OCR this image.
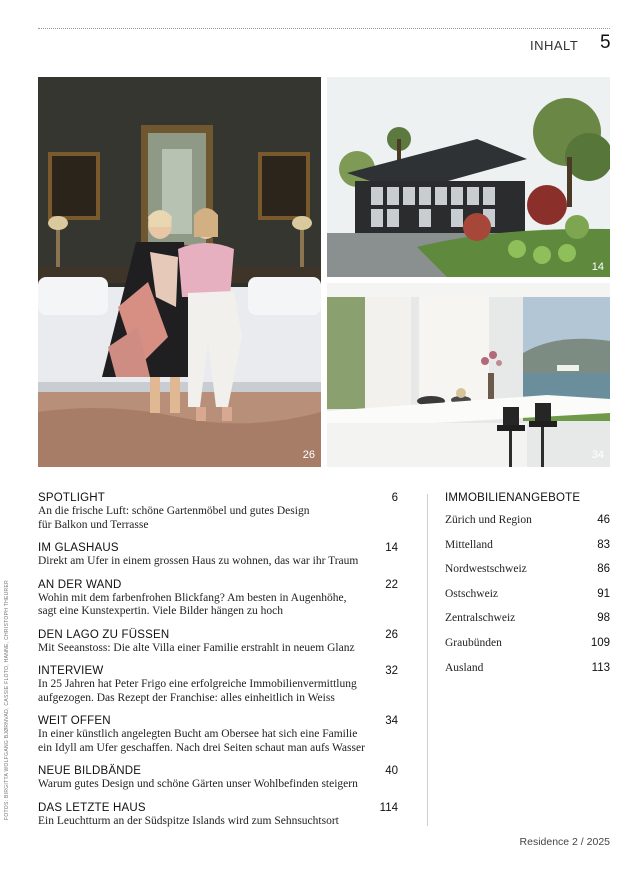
INHALT 5
26
14
34
FOTOS: BIRGITTA WOLFGANG BJØRNVAD, CASSIE FLOTO, HANNE, CHRISTOPH THEURER
SPOTLIGHT	6
An die frische Luft: schöne Gartenmöbel und gutes Design für Balkon und Terrasse
IM GLASHAUS	14
Direkt am Ufer in einem grossen Haus zu wohnen, das war ihr Traum
AN DER WAND	22
Wohin mit dem farbenfrohen Blickfang? Am besten in Augenhöhe, sagt eine Kunstexpertin. Viele Bilder hängen zu hoch
DEN LAGO ZU FÜSSEN	26
Mit Seeanstoss: Die alte Villa einer Familie erstrahlt in neuem Glanz
INTERVIEW	32
In 25 Jahren hat Peter Frigo eine erfolgreiche Immobilienvermittlung aufgezogen. Das Rezept der Franchise: alles einheitlich in Weiss
WEIT OFFEN	34
In einer künstlich angelegten Bucht am Obersee hat sich eine Familie ein Idyll am Ufer geschaffen. Nach drei Seiten schaut man aufs Wasser
NEUE BILDBÄNDE	40
Warum gutes Design und schöne Gärten unser Wohlbefinden steigern
DAS LETZTE HAUS	114
Ein Leuchtturm an der Südspitze Islands wird zum Sehnsuchtsort
IMMOBILIENANGEBOTE
Zürich und Region	46
Mittelland	83
Nordwestschweiz	86
Ostschweiz	91
Zentralschweiz	98
Graubünden	109
Ausland	113
Residence 2 / 2025
